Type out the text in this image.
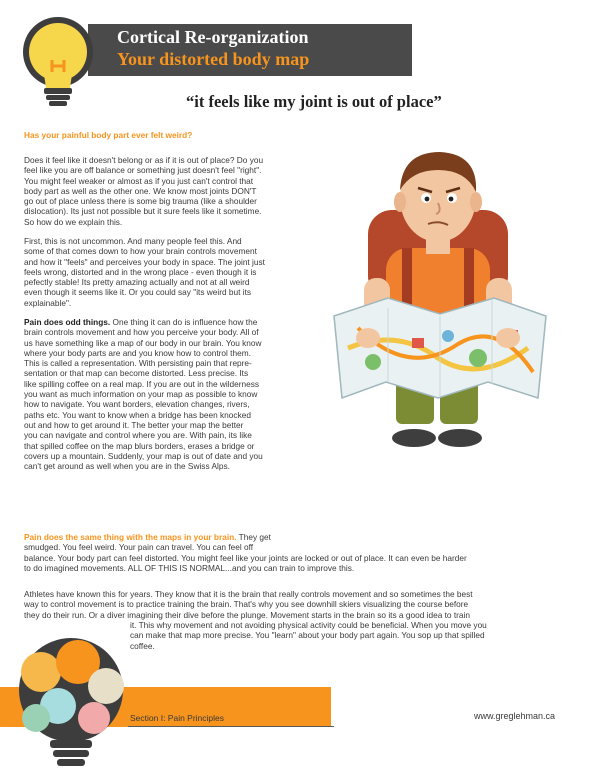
Cortical Re-organization
Your distorted body map
“it feels like my joint is out of place”

Has your painful body part ever felt weird?

Does it feel like it doesn't belong or as if it is out of place? Do you
feel like you are off balance or something just doesn't feel "right".
You might feel weaker or almost as if you just can't control that
body part as well as the other one. We know most joints DON'T
go out of place unless there is some big trauma (like a shoulder
dislocation). Its just not possible but it sure feels like it sometime.
So how do we explain this.
First, this is not uncommon. And many people feel this. And
some of that comes down to how your brain controls movement
and how it "feels" and perceives your body in space. The joint just
feels wrong, distorted and in the wrong place - even though it is
pefectly stable! Its pretty amazing actually and not at all weird
even though it seems like it. Or you could say "its weird but its
explainable".
Pain does odd things. One thing it can do is influence how the
brain controls movement and how you perceive your body. All of
us have something like a map of our body in our brain. You know
where your body parts are and you know how to control them.
This is called a representation. With persisting pain that repre-
sentation or that map can become distorted. Less precise. Its
like spilling coffee on a real map. If you are out in the wilderness
you want as much information on your map as possible to know
how to navigate. You want borders, elevation changes, rivers,
paths etc. You want to know when a bridge has been knocked
out and how to get around it. The better your map the better
you can navigate and control where you are. With pain, its like
that spilled coffee on the map blurs borders, erases a bridge or
covers up a mountain. Suddenly, your map is out of date and you
can't get around as well when you are in the Swiss Alps.
Pain does the same thing with the maps in your brain. They get
smudged. You feel weird. Your pain can travel. You can feel off
balance. Your body part can feel distorted. You might feel like your joints are locked or out of place. It can even be harder
to do imagined movements. ALL OF THIS IS NORMAL...and you can train to improve this.
Athletes have known this for years. They know that it is the brain that really controls movement and so sometimes the best
way to control movement is to practice training the brain. That's why you see downhill skiers visualizing the course before
they do their run. Or a diver imagining their dive before the plunge. Movement starts in the brain so its a good idea to train
it. This why movement and not avoiding physical activity could be beneficial. When you move you
can make that map more precise. You "learn" about your body part again. You sop up that spilled
coffee.
Section I: Pain Principles	16	www.greglehman.ca
